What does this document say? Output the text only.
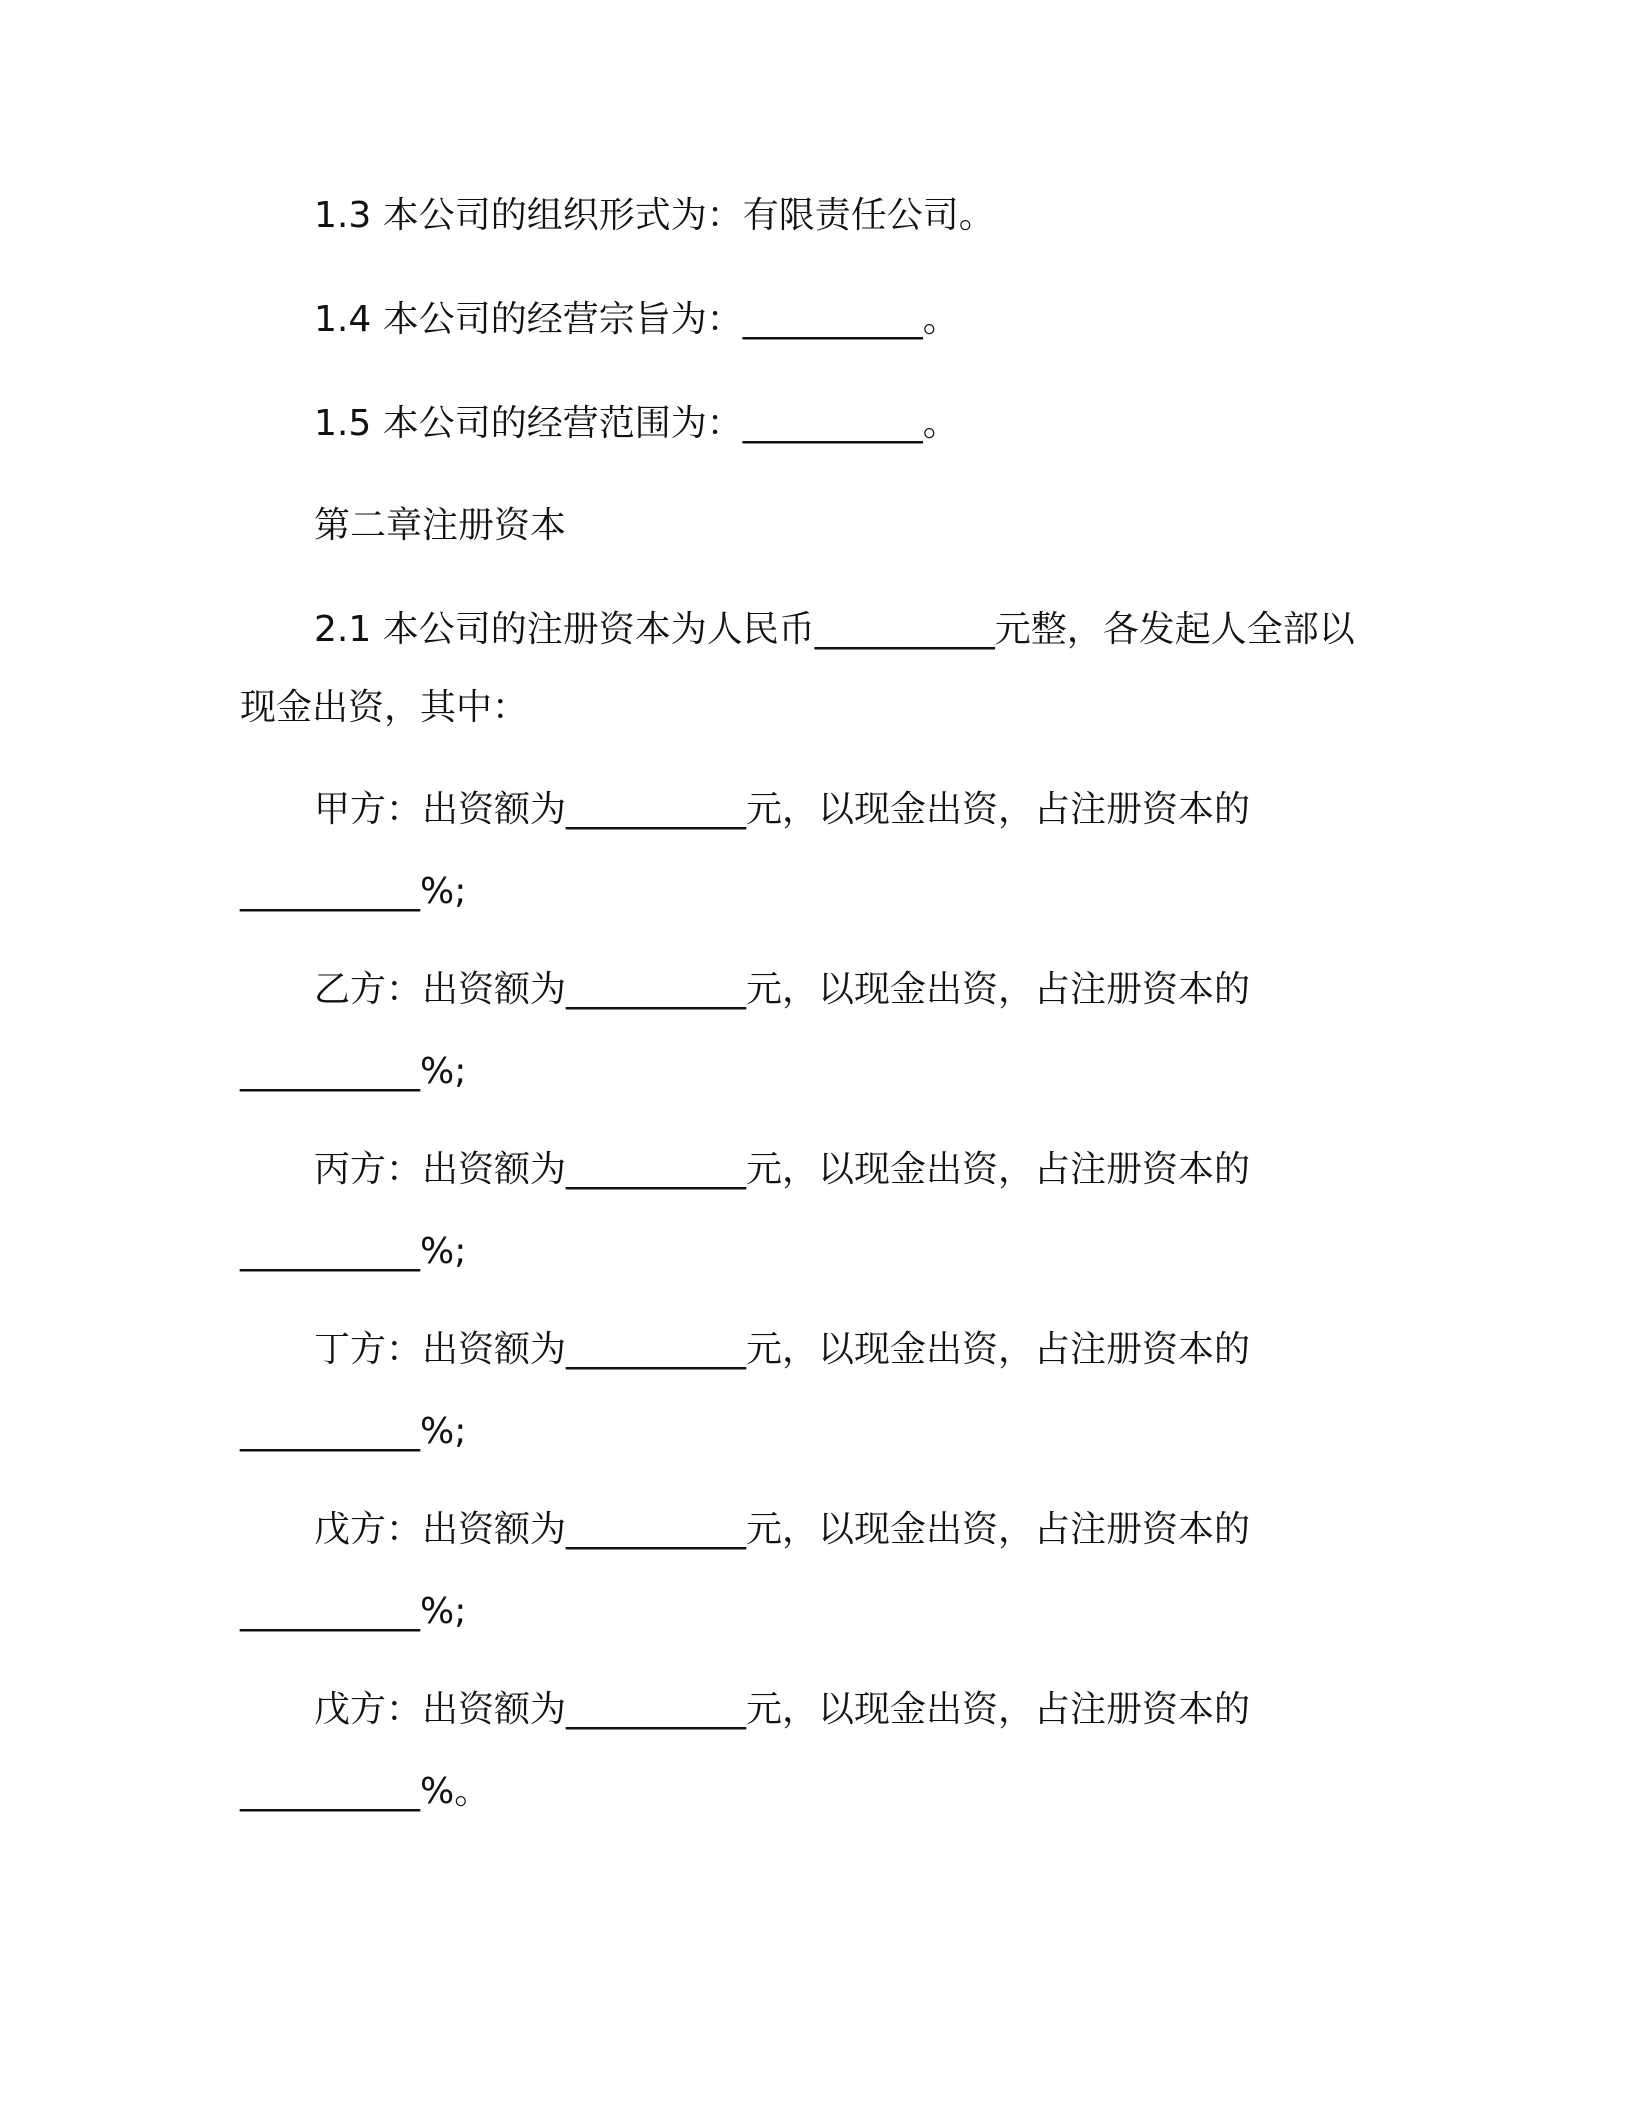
1.3 本公司的组织形式为：有限责任公司。

1.4 本公司的经营宗旨为：__________。

1.5 本公司的经营范围为：__________。

第二章注册资本

2.1 本公司的注册资本为人民币__________元整，各发起人全部以

现金出资，其中：

甲方：出资额为__________元，以现金出资，占注册资本的

__________%;

乙方：出资额为__________元，以现金出资，占注册资本的

__________%;

丙方：出资额为__________元，以现金出资，占注册资本的

__________%;

丁方：出资额为__________元，以现金出资，占注册资本的

__________%;

戊方：出资额为__________元，以现金出资，占注册资本的

__________%;

戊方：出资额为__________元，以现金出资，占注册资本的

__________%。
